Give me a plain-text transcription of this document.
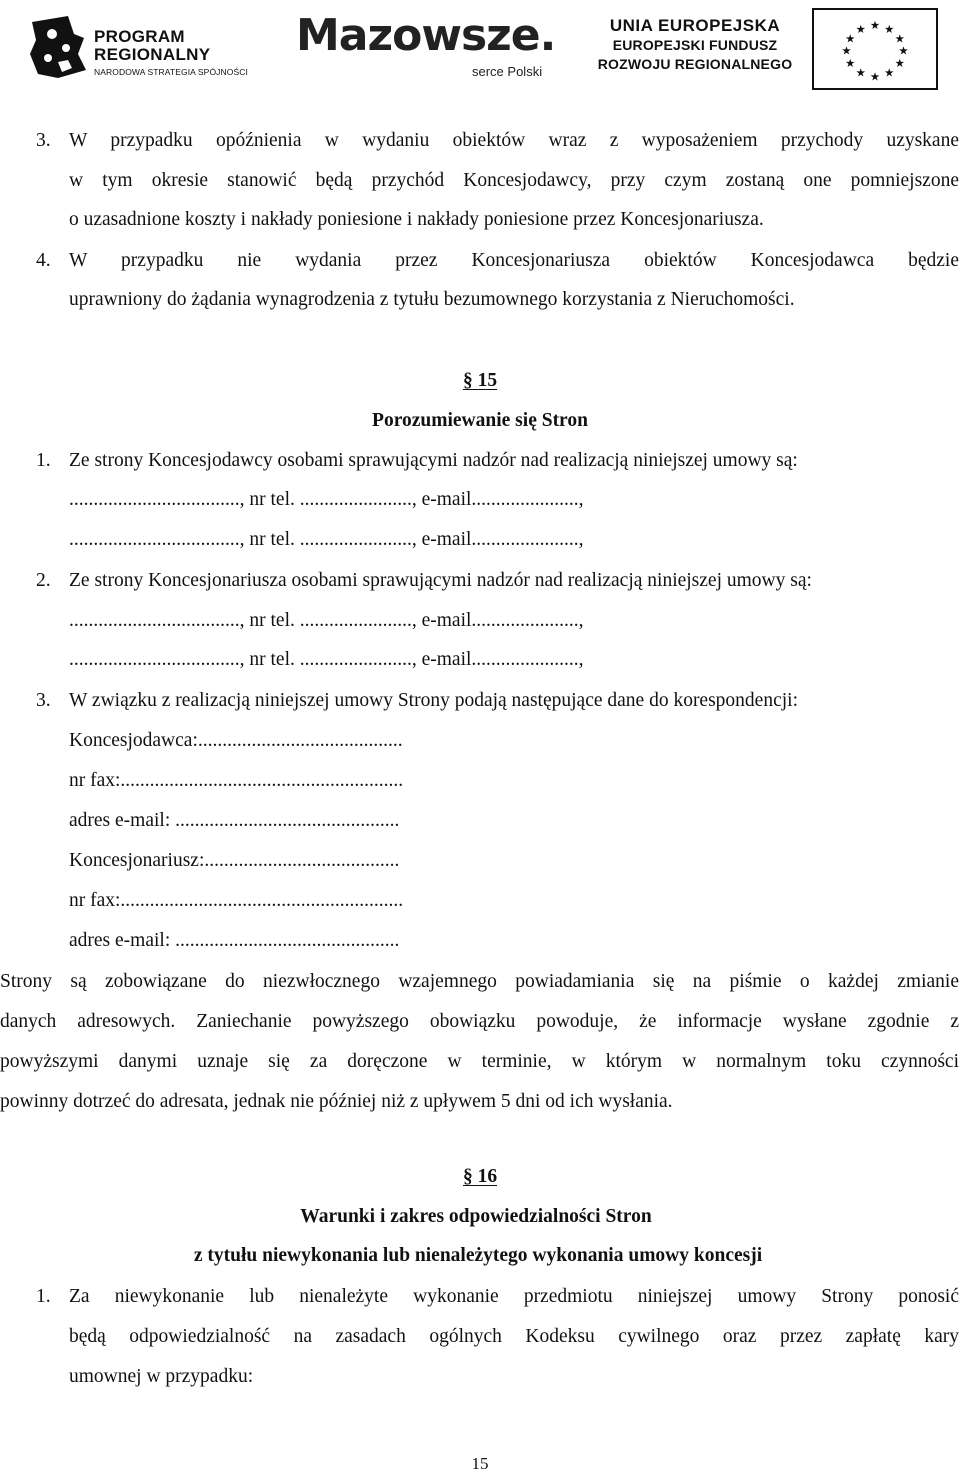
PROGRAM
REGIONALNY
NARODOWA STRATEGIA SPÓJNOŚCI
Mazowsze.
serce Polski
UNIA EUROPEJSKA
EUROPEJSKI FUNDUSZ
ROZWOJU REGIONALNEGO
★ ★
★
★
★
★
★
★
★
★
★
★
3. W przypadku opóźnienia w wydaniu obiektów wraz z wyposażeniem przychody uzyskane
w tym okresie stanowić będą przychód Koncesjodawcy, przy czym zostaną one pomniejszone
o uzasadnione koszty i nakłady poniesione i nakłady poniesione przez Koncesjonariusza.
4. W przypadku nie wydania przez Koncesjonariusza obiektów Koncesjodawca będzie
uprawniony do żądania wynagrodzenia z tytułu bezumownego korzystania z Nieruchomości.
§ 15
Porozumiewanie się Stron
1. Ze strony Koncesjodawcy osobami sprawującymi nadzór nad realizacją niniejszej umowy są:
..................................., nr tel. ......................., e-mail......................,
..................................., nr tel. ......................., e-mail......................,
2. Ze strony Koncesjonariusza osobami sprawującymi nadzór nad realizacją niniejszej umowy są:
..................................., nr tel. ......................., e-mail......................,
..................................., nr tel. ......................., e-mail......................,
3. W związku z realizacją niniejszej umowy Strony podają następujące dane do korespondencji:
Koncesjodawca:..........................................
nr fax:..........................................................
adres e-mail: ..............................................
Koncesjonariusz:........................................
nr fax:..........................................................
adres e-mail: ..............................................
Strony są zobowiązane do niezwłocznego wzajemnego powiadamiania się na piśmie o każdej zmianie
danych adresowych. Zaniechanie powyższego obowiązku powoduje, że informacje wysłane zgodnie z
powyższymi danymi uznaje się za doręczone w terminie, w którym w normalnym toku czynności
powinny dotrzeć do adresata, jednak nie później niż z upływem 5 dni od ich wysłania.
§ 16
Warunki i zakres odpowiedzialności Stron
z tytułu niewykonania lub nienależytego wykonania umowy koncesji
1. Za niewykonanie lub nienależyte wykonanie przedmiotu niniejszej umowy Strony ponosić
będą odpowiedzialność na zasadach ogólnych Kodeksu cywilnego oraz przez zapłatę kary
umownej w przypadku:
15
